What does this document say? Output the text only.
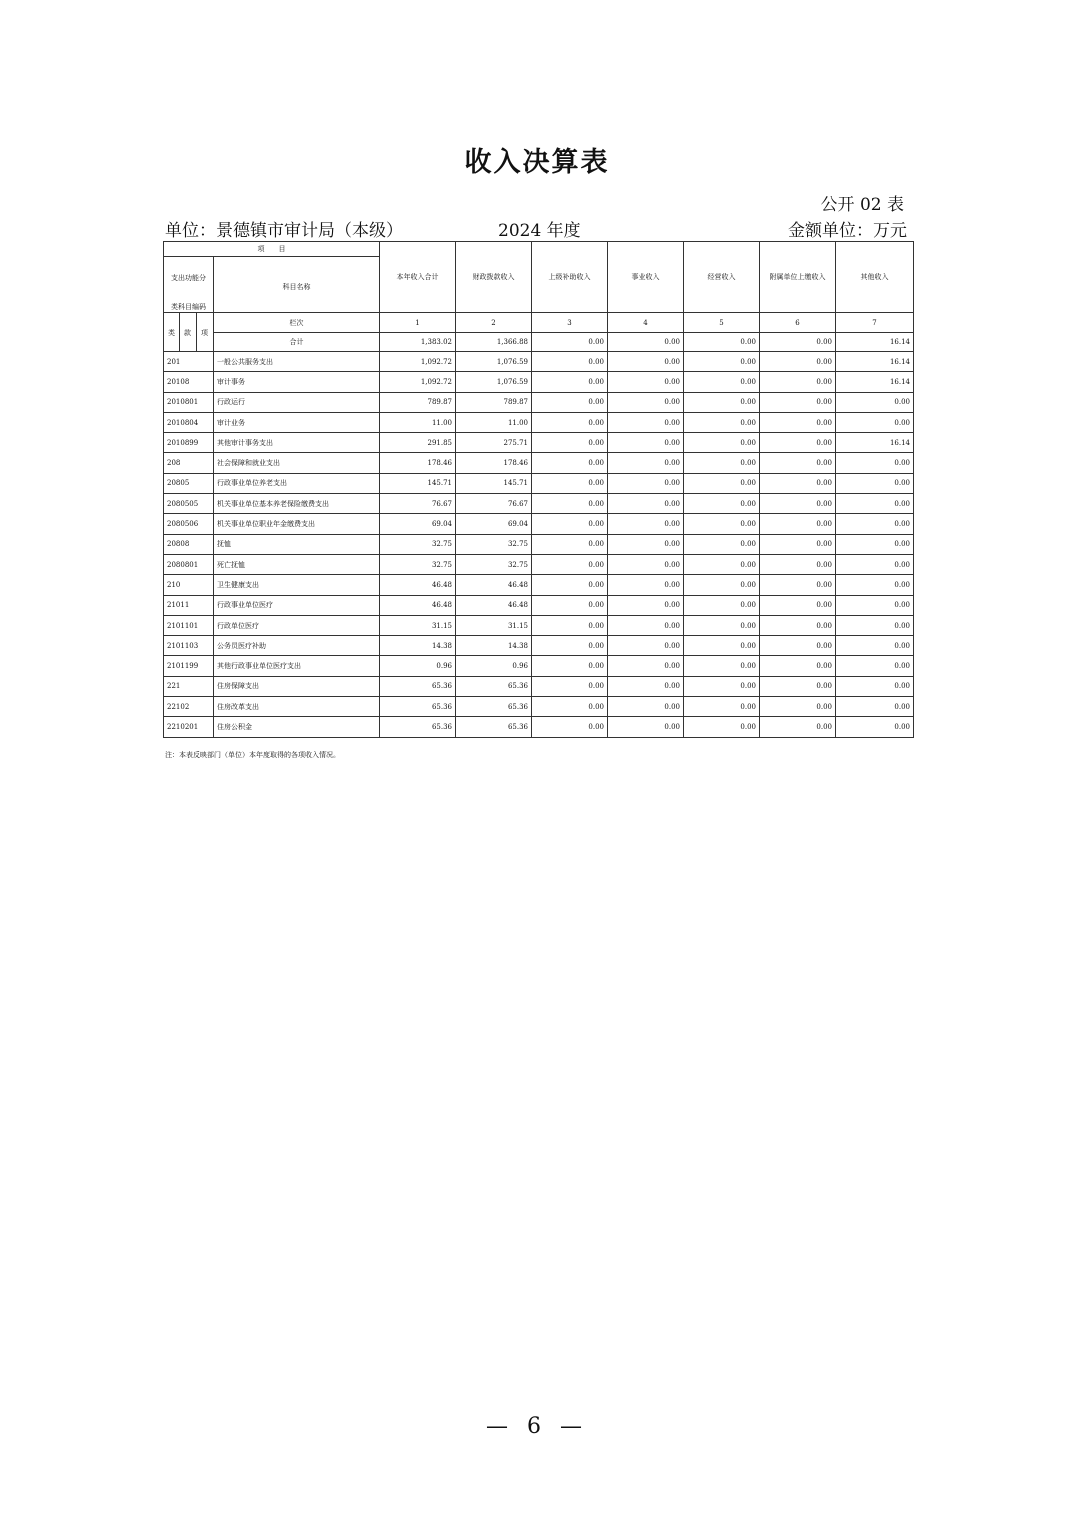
收入决算表
公开 02 表
单位：景德镇市审计局（本级）	2024 年度	金额单位：万元
项　　目
支出功能分
类科目编码
科目名称		本年收入合计	财政拨款收入	上级补助收入	事业收入	经营收入	附属单位上缴收入	其他收入

类 款 项	栏次	1	2	3	4	5	6	7
	合计	1,383.02	1,366.88	0.00	0.00	0.00	0.00	16.14
201	一般公共服务支出	1,092.72	1,076.59	0.00	0.00	0.00	0.00	16.14
20108	审计事务	1,092.72	1,076.59	0.00	0.00	0.00	0.00	16.14
2010801	行政运行	789.87	789.87	0.00	0.00	0.00	0.00	0.00
2010804	审计业务	11.00	11.00	0.00	0.00	0.00	0.00	0.00
2010899	其他审计事务支出	291.85	275.71	0.00	0.00	0.00	0.00	16.14
208	社会保障和就业支出	178.46	178.46	0.00	0.00	0.00	0.00	0.00
20805	行政事业单位养老支出	145.71	145.71	0.00	0.00	0.00	0.00	0.00
2080505	机关事业单位基本养老保险缴费支出	76.67	76.67	0.00	0.00	0.00	0.00	0.00
2080506	机关事业单位职业年金缴费支出	69.04	69.04	0.00	0.00	0.00	0.00	0.00
20808	抚恤	32.75	32.75	0.00	0.00	0.00	0.00	0.00
2080801	死亡抚恤	32.75	32.75	0.00	0.00	0.00	0.00	0.00
210	卫生健康支出	46.48	46.48	0.00	0.00	0.00	0.00	0.00
21011	行政事业单位医疗	46.48	46.48	0.00	0.00	0.00	0.00	0.00
2101101	行政单位医疗	31.15	31.15	0.00	0.00	0.00	0.00	0.00
2101103	公务员医疗补助	14.38	14.38	0.00	0.00	0.00	0.00	0.00
2101199	其他行政事业单位医疗支出	0.96	0.96	0.00	0.00	0.00	0.00	0.00
221	住房保障支出	65.36	65.36	0.00	0.00	0.00	0.00	0.00
22102	住房改革支出	65.36	65.36	0.00	0.00	0.00	0.00	0.00
2210201	住房公积金	65.36	65.36	0.00	0.00	0.00	0.00	0.00
注：本表反映部门（单位）本年度取得的各项收入情况。
— 6 —
